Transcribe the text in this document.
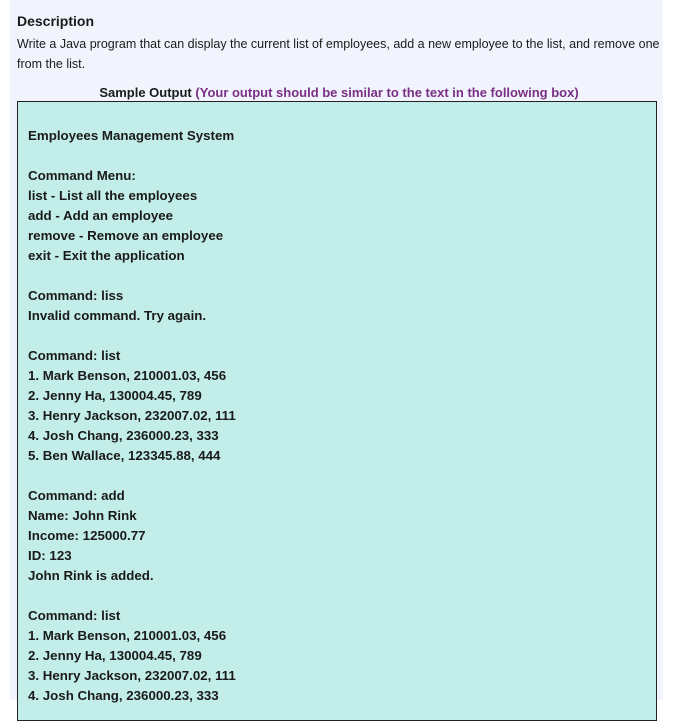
Description
Write a Java program that can display the current list of employees, add a new employee to the list, and remove one from the list.
Sample Output (Your output should be similar to the text in the following box)
Employees Management System
Command Menu:
list - List all the employees
add - Add an employee
remove - Remove an employee
exit - Exit the application
Command: liss
Invalid command. Try again.
Command: list
1. Mark Benson, 210001.03, 456
2. Jenny Ha, 130004.45, 789
3. Henry Jackson, 232007.02, 111
4. Josh Chang, 236000.23, 333
5. Ben Wallace, 123345.88, 444
Command: add
Name: John Rink
Income: 125000.77
ID: 123
John Rink is added.
Command: list
1. Mark Benson, 210001.03, 456
2. Jenny Ha, 130004.45, 789
3. Henry Jackson, 232007.02, 111
4. Josh Chang, 236000.23, 333
